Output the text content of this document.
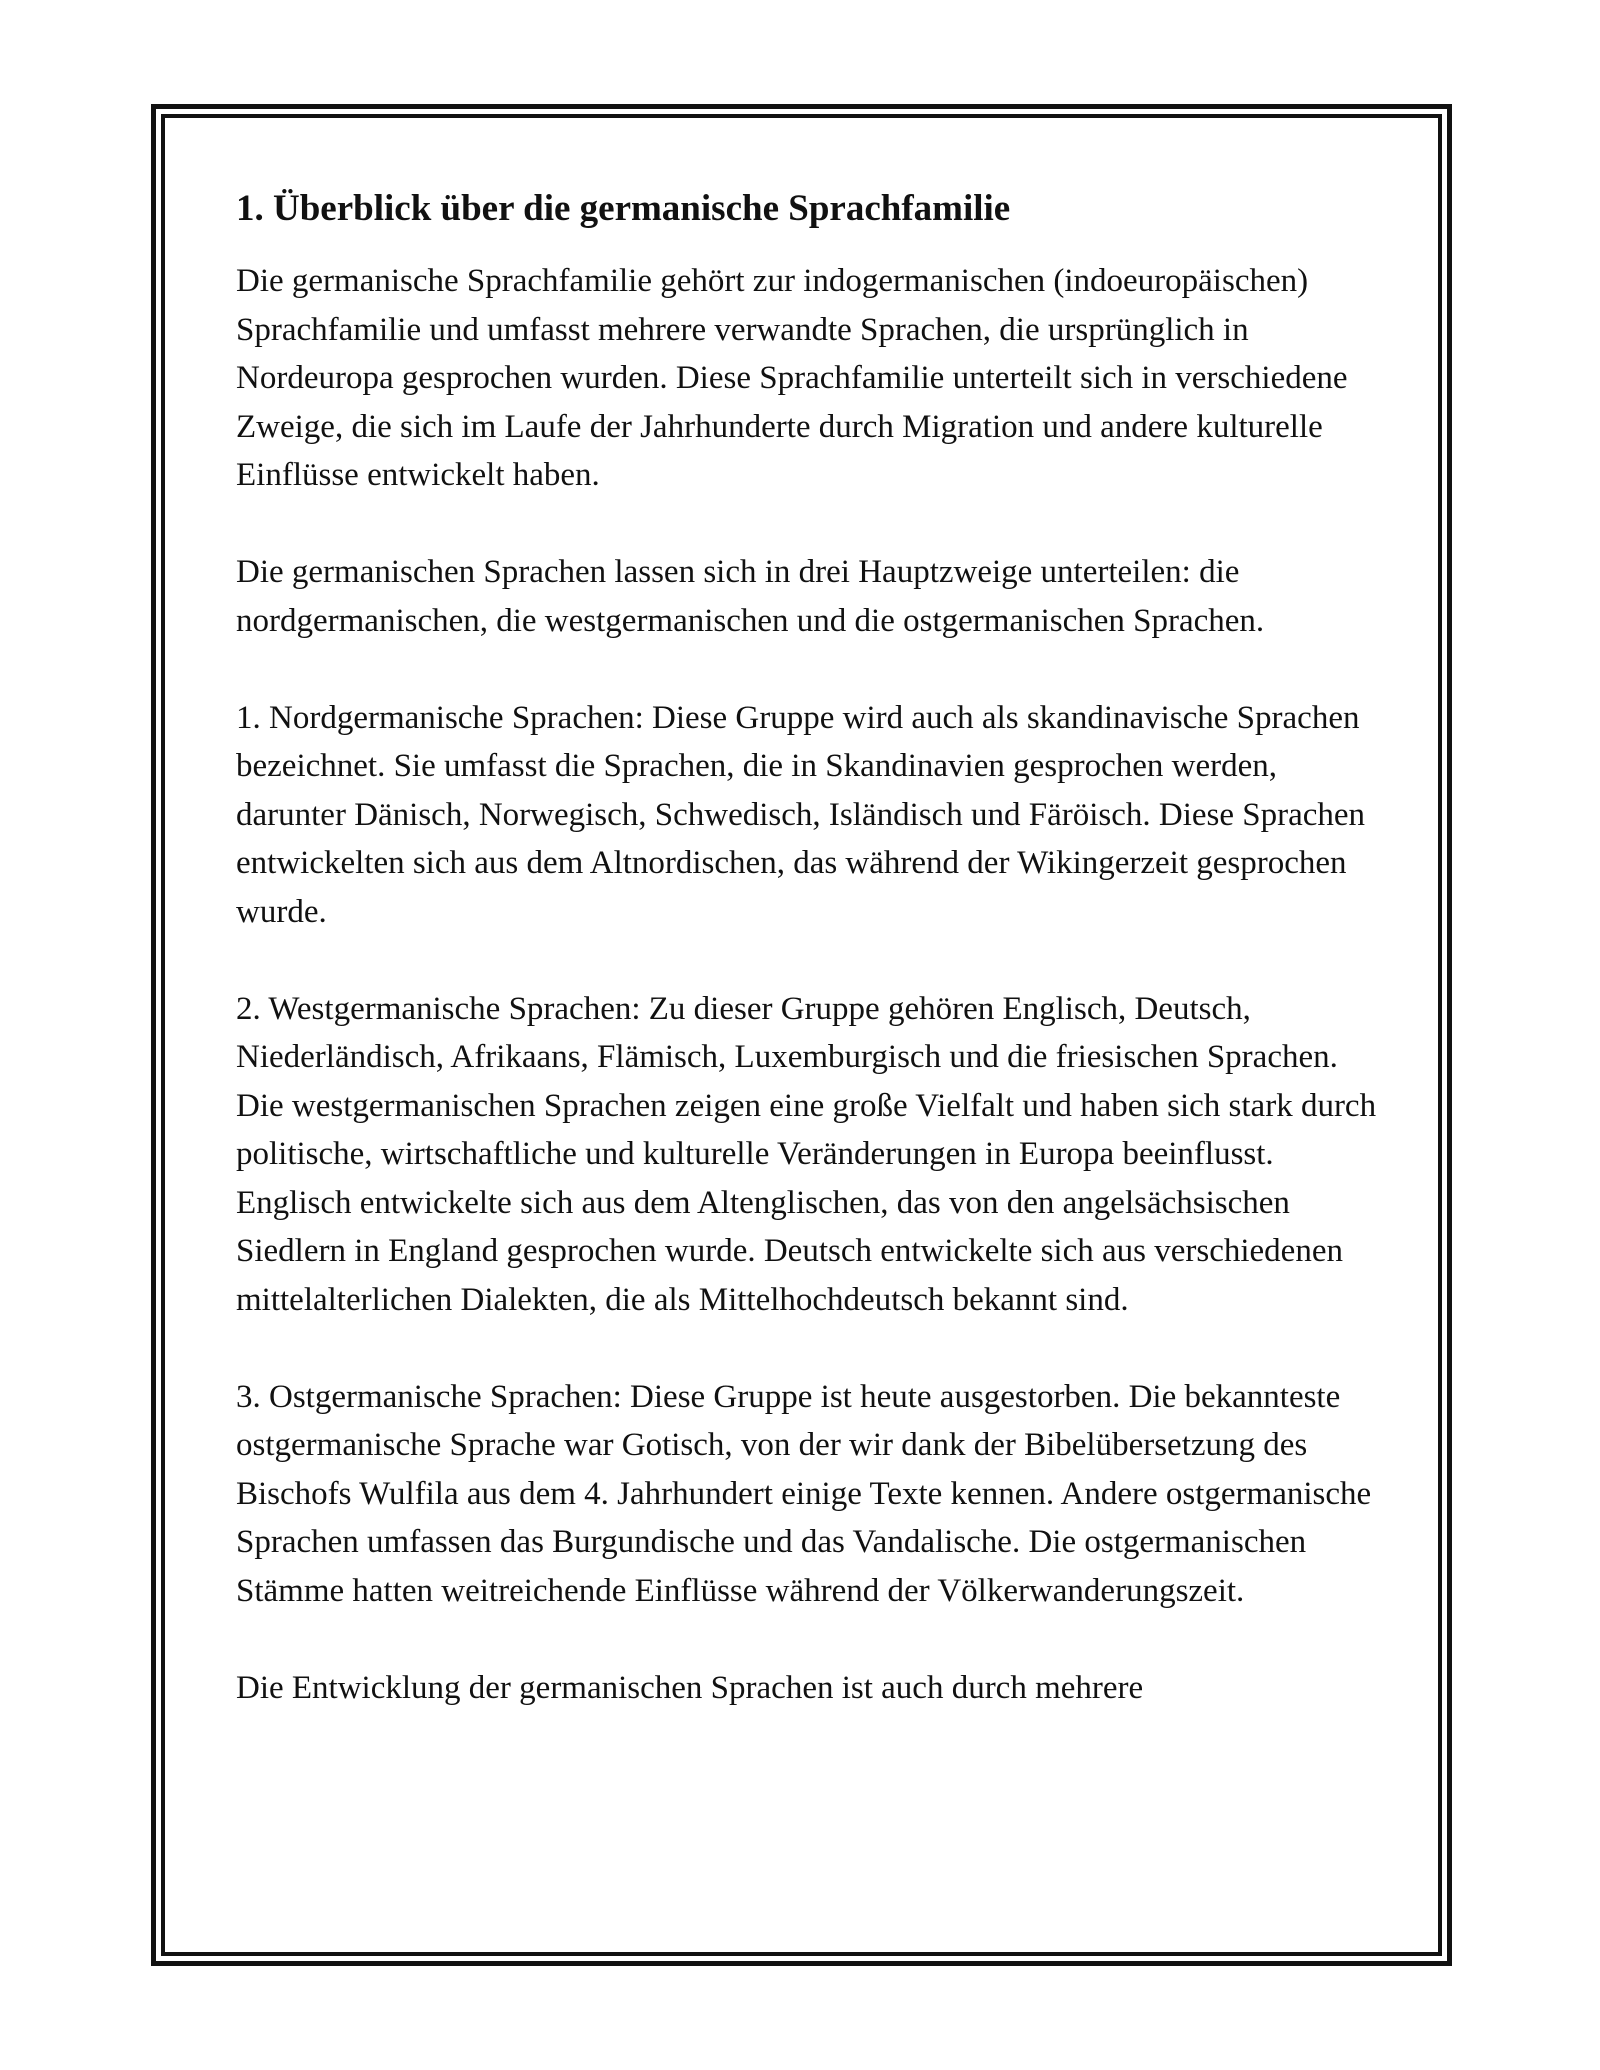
1. Überblick über die germanische Sprachfamilie

Die germanische Sprachfamilie gehört zur indogermanischen (indoeuropäischen) Sprachfamilie und umfasst mehrere verwandte Sprachen, die ursprünglich in Nordeuropa gesprochen wurden. Diese Sprachfamilie unterteilt sich in verschiedene Zweige, die sich im Laufe der Jahrhunderte durch Migration und andere kulturelle Einflüsse entwickelt haben.

Die germanischen Sprachen lassen sich in drei Hauptzweige unterteilen: die nordgermanischen, die westgermanischen und die ostgermanischen Sprachen.

1. Nordgermanische Sprachen: Diese Gruppe wird auch als skandinavische Sprachen bezeichnet. Sie umfasst die Sprachen, die in Skandinavien gesprochen werden, darunter Dänisch, Norwegisch, Schwedisch, Isländisch und Färöisch. Diese Sprachen entwickelten sich aus dem Altnordischen, das während der Wikingerzeit gesprochen wurde.

2. Westgermanische Sprachen: Zu dieser Gruppe gehören Englisch, Deutsch, Niederländisch, Afrikaans, Flämisch, Luxemburgisch und die friesischen Sprachen. Die westgermanischen Sprachen zeigen eine große Vielfalt und haben sich stark durch politische, wirtschaftliche und kulturelle Veränderungen in Europa beeinflusst. Englisch entwickelte sich aus dem Altenglischen, das von den angelsächsischen Siedlern in England gesprochen wurde. Deutsch entwickelte sich aus verschiedenen mittelalterlichen Dialekten, die als Mittelhochdeutsch bekannt sind.

3. Ostgermanische Sprachen: Diese Gruppe ist heute ausgestorben. Die bekannteste ostgermanische Sprache war Gotisch, von der wir dank der Bibelübersetzung des Bischofs Wulfila aus dem 4. Jahrhundert einige Texte kennen. Andere ostgermanische Sprachen umfassen das Burgundische und das Vandalische. Die ostgermanischen Stämme hatten weitreichende Einflüsse während der Völkerwanderungszeit.

Die Entwicklung der germanischen Sprachen ist auch durch mehrere
